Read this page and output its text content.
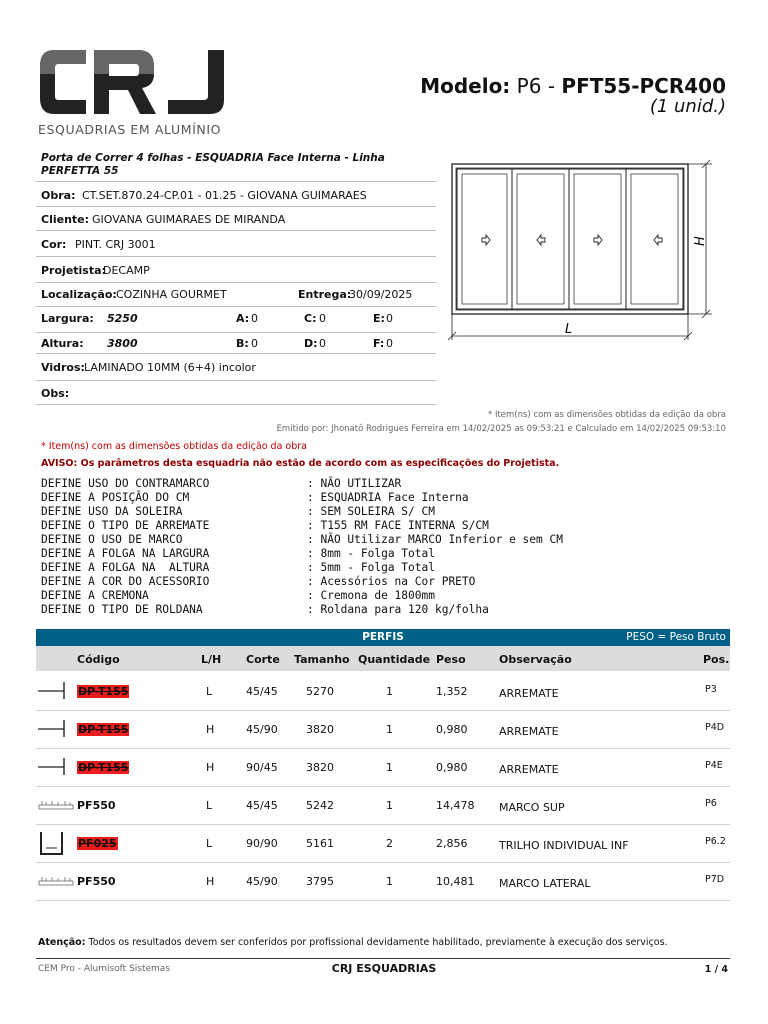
ESQUADRIAS EM ALUMÍNIO
Modelo: P6 - PFT55-PCR400
(1 unid.)
Porta de Correr 4 folhas - ESQUADRIA Face Interna - Linha PERFETTA 55
Obra: CT.SET.870.24-CP.01 - 01.25 - GIOVANA GUIMARAES
Cliente: GIOVANA GUIMARAES DE MIRANDA
Cor: PINT. CRJ 3001
Projetista:
DECAMP
Localização: COZINHA GOURMET	Entrega:
30/09/2025
Largura: 5250	A: 0	C: 0	E: 0
Altura: 3800	B: 0	D: 0	F: 0
Vidros: LAMINADO 10MM (6+4) incolor
Obs:
H
L
* Item(ns) com as dimensões obtidas da edição da obra
Emitido por: Jhonatô Rodrigues Ferreira em 14/02/2025 as 09:53:21 e Calculado em 14/02/2025 09:53:10
* Item(ns) com as dimensões obtidas da edição da obra
AVISO: Os parâmetros desta esquadria não estão de acordo com as especificações do Projetista.
DEFINE USO DO CONTRAMARCO	: NÃO UTILIZAR
DEFINE A POSIÇÃO DO CM	: ESQUADRIA Face Interna
DEFINE USO DA SOLEIRA	: SEM SOLEIRA S/ CM
DEFINE O TIPO DE ARREMATE	: T155 RM FACE INTERNA S/CM
DEFINE O USO DE MARCO	: NÃO Utilizar MARCO Inferior e sem CM
DEFINE A FOLGA NA LARGURA	: 8mm - Folga Total
DEFINE A FOLGA NA  ALTURA	: 5mm - Folga Total
DEFINE A COR DO ACESSORIO	: Acessórios na Cor PRETO
DEFINE A CREMONA	: Cremona de 1800mm
DEFINE O TIPO DE ROLDANA	: Roldana para 120 kg/folha
PERFIS	PESO = Peso Bruto
Código	L/H Corte Tamanho Quantidade Peso	Observação	Pos.
DP-T155	L	45/45	5270	1	1,352	ARREMATE	P3
DP-T155	H	45/90	3820	1	0,980	ARREMATE	P4D
DP-T155	H	90/45	3820	1	0,980	ARREMATE	P4E
PF550	L	45/45	5242	1	14,478 MARCO SUP	P6
PF025	L	90/90	5161	2	2,856	TRILHO INDIVIDUAL INF	P6.2
PF550	H	45/90	3795	1	10,481 MARCO LATERAL	P7D
Atenção: Todos os resultados devem ser conferidos por profissional devidamente habilitado, previamente à execução dos serviços.
CEM Pro - Alumisoft Sistemas	CRJ ESQUADRIAS	1 / 4
